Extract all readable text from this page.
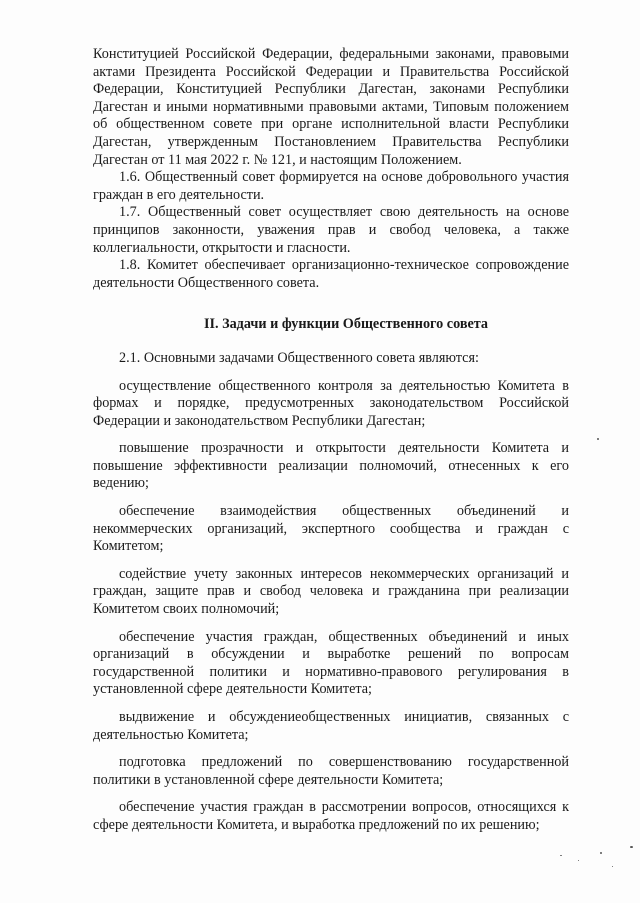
Конституцией Российской Федерации, федеральными законами, правовыми актами Президента Российской Федерации и Правительства Российской Федерации, Конституцией Республики Дагестан, законами Республики Дагестан и иными нормативными правовыми актами, Типовым положением об общественном совете при органе исполнительной власти Республики Дагестан, утвержденным Постановлением Правительства Республики Дагестан от 11 мая 2022 г. № 121, и настоящим Положением.

1.6. Общественный совет формируется на основе добровольного участия граждан в его деятельности.

1.7. Общественный совет осуществляет свою деятельность на основе принципов законности, уважения прав и свобод человека, а также коллегиальности, открытости и гласности.

1.8. Комитет обеспечивает организационно-техническое сопровождение деятельности Общественного совета.

II. Задачи и функции Общественного совета

2.1. Основными задачами Общественного совета являются:

осуществление общественного контроля за деятельностью Комитета в формах и порядке, предусмотренных законодательством Российской Федерации и законодательством Республики Дагестан;

повышение прозрачности и открытости деятельности Комитета и повышение эффективности реализации полномочий, отнесенных к его ведению;

обеспечение взаимодействия общественных объединений и некоммерческих организаций, экспертного сообщества и граждан с Комитетом;

содействие учету законных интересов некоммерческих организаций и граждан, защите прав и свобод человека и гражданина при реализации Комитетом своих полномочий;

обеспечение участия граждан, общественных объединений и иных организаций в обсуждении и выработке решений по вопросам государственной политики и нормативно-правового регулирования в установленной сфере деятельности Комитета;

выдвижение и обсуждениеобщественных инициатив, связанных с деятельностью Комитета;

подготовка предложений по совершенствованию государственной политики в установленной сфере деятельности Комитета;

обеспечение участия граждан в рассмотрении вопросов, относящихся к сфере деятельности Комитета, и выработка предложений по их решению;
